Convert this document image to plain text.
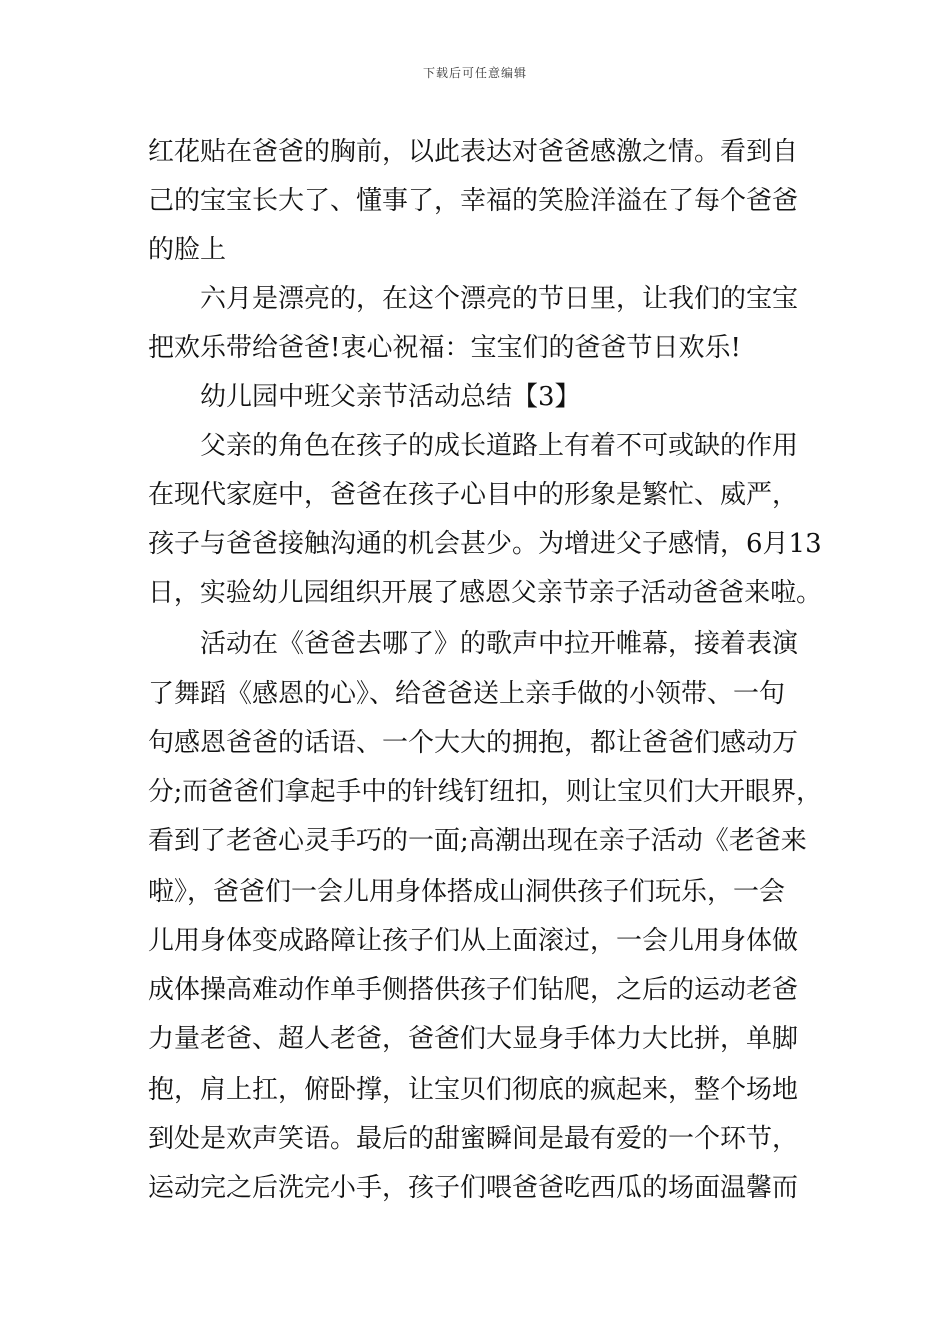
下载后可任意编辑
红花贴在爸爸的胸前，以此表达对爸爸感激之情。看到自
己的宝宝长大了、懂事了，幸福的笑脸洋溢在了每个爸爸
的脸上
六月是漂亮的，在这个漂亮的节日里，让我们的宝宝
把欢乐带给爸爸!衷心祝福：宝宝们的爸爸节日欢乐!
幼儿园中班父亲节活动总结【3】
父亲的角色在孩子的成长道路上有着不可或缺的作用
在现代家庭中，爸爸在孩子心目中的形象是繁忙、威严，
孩子与爸爸接触沟通的机会甚少。为增进父子感情，6月13
日，实验幼儿园组织开展了感恩父亲节亲子活动爸爸来啦。
活动在《爸爸去哪了》的歌声中拉开帷幕，接着表演
了舞蹈《感恩的心》、给爸爸送上亲手做的小领带、一句
句感恩爸爸的话语、一个大大的拥抱，都让爸爸们感动万
分;而爸爸们拿起手中的针线钉纽扣，则让宝贝们大开眼界，
看到了老爸心灵手巧的一面;高潮出现在亲子活动《老爸来
啦》，爸爸们一会儿用身体搭成山洞供孩子们玩乐，一会
儿用身体变成路障让孩子们从上面滚过，一会儿用身体做
成体操高难动作单手侧搭供孩子们钻爬，之后的运动老爸
力量老爸、超人老爸，爸爸们大显身手体力大比拼，单脚
抱，肩上扛，俯卧撑，让宝贝们彻底的疯起来，整个场地
到处是欢声笑语。最后的甜蜜瞬间是最有爱的一个环节，
运动完之后洗完小手，孩子们喂爸爸吃西瓜的场面温馨而
